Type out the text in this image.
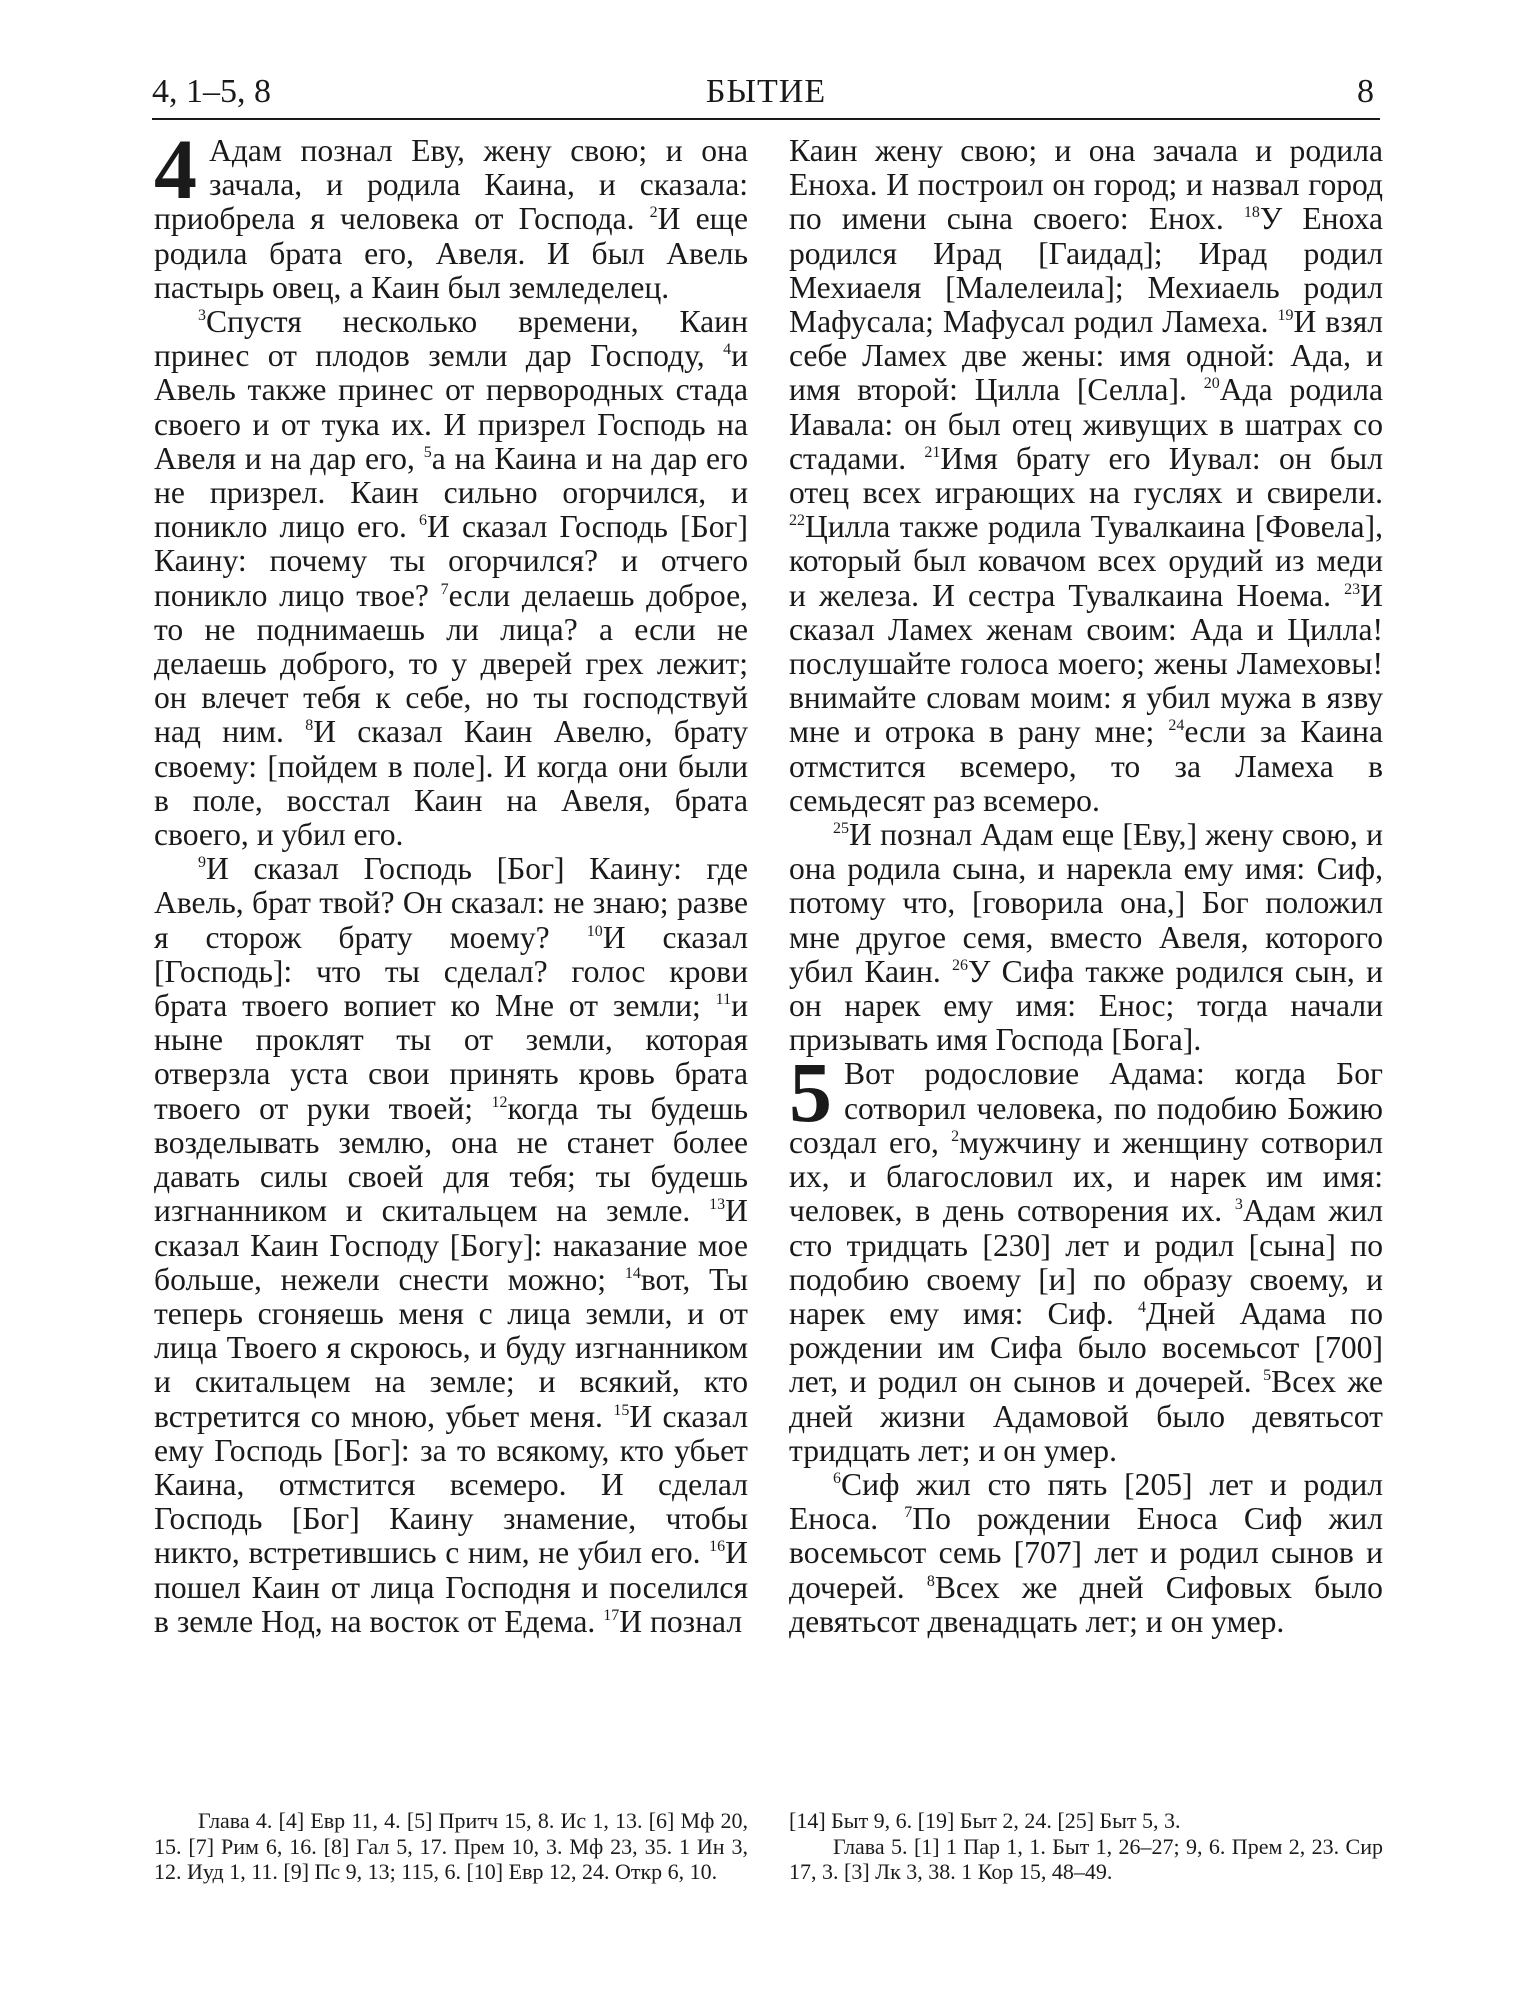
4, 1–5, 8	БЫТИЕ	8

4 Адам познал Еву, жену свою; и она зачала, и родила Каина, и сказала: приобрела я человека от Господа. $^2$И еще родила брата его, Авеля. И был Авель пастырь овец, а Каин был земледелец.

$^3$Спустя несколько времени, Каин принес от плодов земли дар Господу, $^4$и Авель также принес от первородных стада своего и от тука их. И призрел Господь на Авеля и на дар его, $^5$а на Каина и на дар его не призрел. Каин сильно огорчился, и поникло лицо его. $^6$И сказал Господь [Бог] Каину: почему ты огорчился? и отчего поникло лицо твое? $^7$если делаешь доброе, то не поднимаешь ли лица? а если не делаешь доброго, то у дверей грех лежит; он влечет тебя к себе, но ты господствуй над ним. $^8$И сказал Каин Авелю, брату своему: [пойдем в поле]. И когда они были в поле, восстал Каин на Авеля, брата своего, и убил его.

$^9$И сказал Господь [Бог] Каину: где Авель, брат твой? Он сказал: не знаю; разве я сторож брату моему? $^{10}$И сказал [Господь]: что ты сделал? голос крови брата твоего вопиет ко Мне от земли; $^{11}$и ныне проклят ты от земли, которая отверзла уста свои принять кровь брата твоего от руки твоей; $^{12}$когда ты будешь возделывать землю, она не станет более давать силы своей для тебя; ты будешь изгнанником и скитальцем на земле. $^{13}$И сказал Каин Господу [Богу]: наказание мое больше, нежели снести можно; $^{14}$вот, Ты теперь сгоняешь меня с лица земли, и от лица Твоего я скроюсь, и буду изгнанником и скитальцем на земле; и всякий, кто встретится со мною, убьет меня. $^{15}$И сказал ему Господь [Бог]: за то всякому, кто убьет Каина, отмстится всемеро. И сделал Господь [Бог] Каину знамение, чтобы никто, встретившись с ним, не убил его. $^{16}$И пошел Каин от лица Господня и поселился в земле Нод, на восток от Едема. $^{17}$И познал

Каин жену свою; и она зачала и родила Еноха. И построил он город; и назвал город по имени сына своего: Енох. $^{18}$У Еноха родился Ирад [Гаидад]; Ирад родил Мехиаеля [Малелеила]; Мехиаель родил Мафусала; Мафусал родил Ламеха. $^{19}$И взял себе Ламех две жены: имя одной: Ада, и имя второй: Цилла [Селла]. $^{20}$Ада родила Иавала: он был отец живущих в шатрах со стадами. $^{21}$Имя брату его Иувал: он был отец всех играющих на гуслях и свирели. $^{22}$Цилла также родила Тувалкаина [Фовела], который был ковачом всех орудий из меди и железа. И сестра Тувалкаина Ноема. $^{23}$И сказал Ламех женам своим: Ада и Цилла! послушайте голоса моего; жены Ламеховы! внимайте словам моим: я убил мужа в язву мне и отрока в рану мне; $^{24}$если за Каина отмстится всемеро, то за Ламеха в семьдесят раз всемеро.

$^{25}$И познал Адам еще [Еву,] жену свою, и она родила сына, и нарекла ему имя: Сиф, потому что, [говорила она,] Бог положил мне другое семя, вместо Авеля, которого убил Каин. $^{26}$У Сифа также родился сын, и он нарек ему имя: Енос; тогда начали призывать имя Господа [Бога].

5 Вот родословие Адама: когда Бог сотворил человека, по подобию Божию создал его, $^2$мужчину и женщину сотворил их, и благословил их, и нарек им имя: человек, в день сотворения их. $^3$Адам жил сто тридцать [230] лет и родил [сына] по подобию своему [и] по образу своему, и нарек ему имя: Сиф. $^4$Дней Адама по рождении им Сифа было восемьсот [700] лет, и родил он сынов и дочерей. $^5$Всех же дней жизни Адамовой было девятьсот тридцать лет; и он умер.

$^6$Сиф жил сто пять [205] лет и родил Еноса. $^7$По рождении Еноса Сиф жил восемьсот семь [707] лет и родил сынов и дочерей. $^8$Всех же дней Сифовых было девятьсот двенадцать лет; и он умер.

Глава 4. [4] Евр 11, 4. [5] Притч 15, 8. Ис 1, 13. [6] Мф 20, 15. [7] Рим 6, 16. [8] Гал 5, 17. Прем 10, 3. Мф 23, 35. 1 Ин 3, 12. Иуд 1, 11. [9] Пс 9, 13; 115, 6. [10] Евр 12, 24. Откр 6, 10.

[14] Быт 9, 6. [19] Быт 2, 24. [25] Быт 5, 3.

Глава 5. [1] 1 Пар 1, 1. Быт 1, 26–27; 9, 6. Прем 2, 23. Сир 17, 3. [3] Лк 3, 38. 1 Кор 15, 48–49.
